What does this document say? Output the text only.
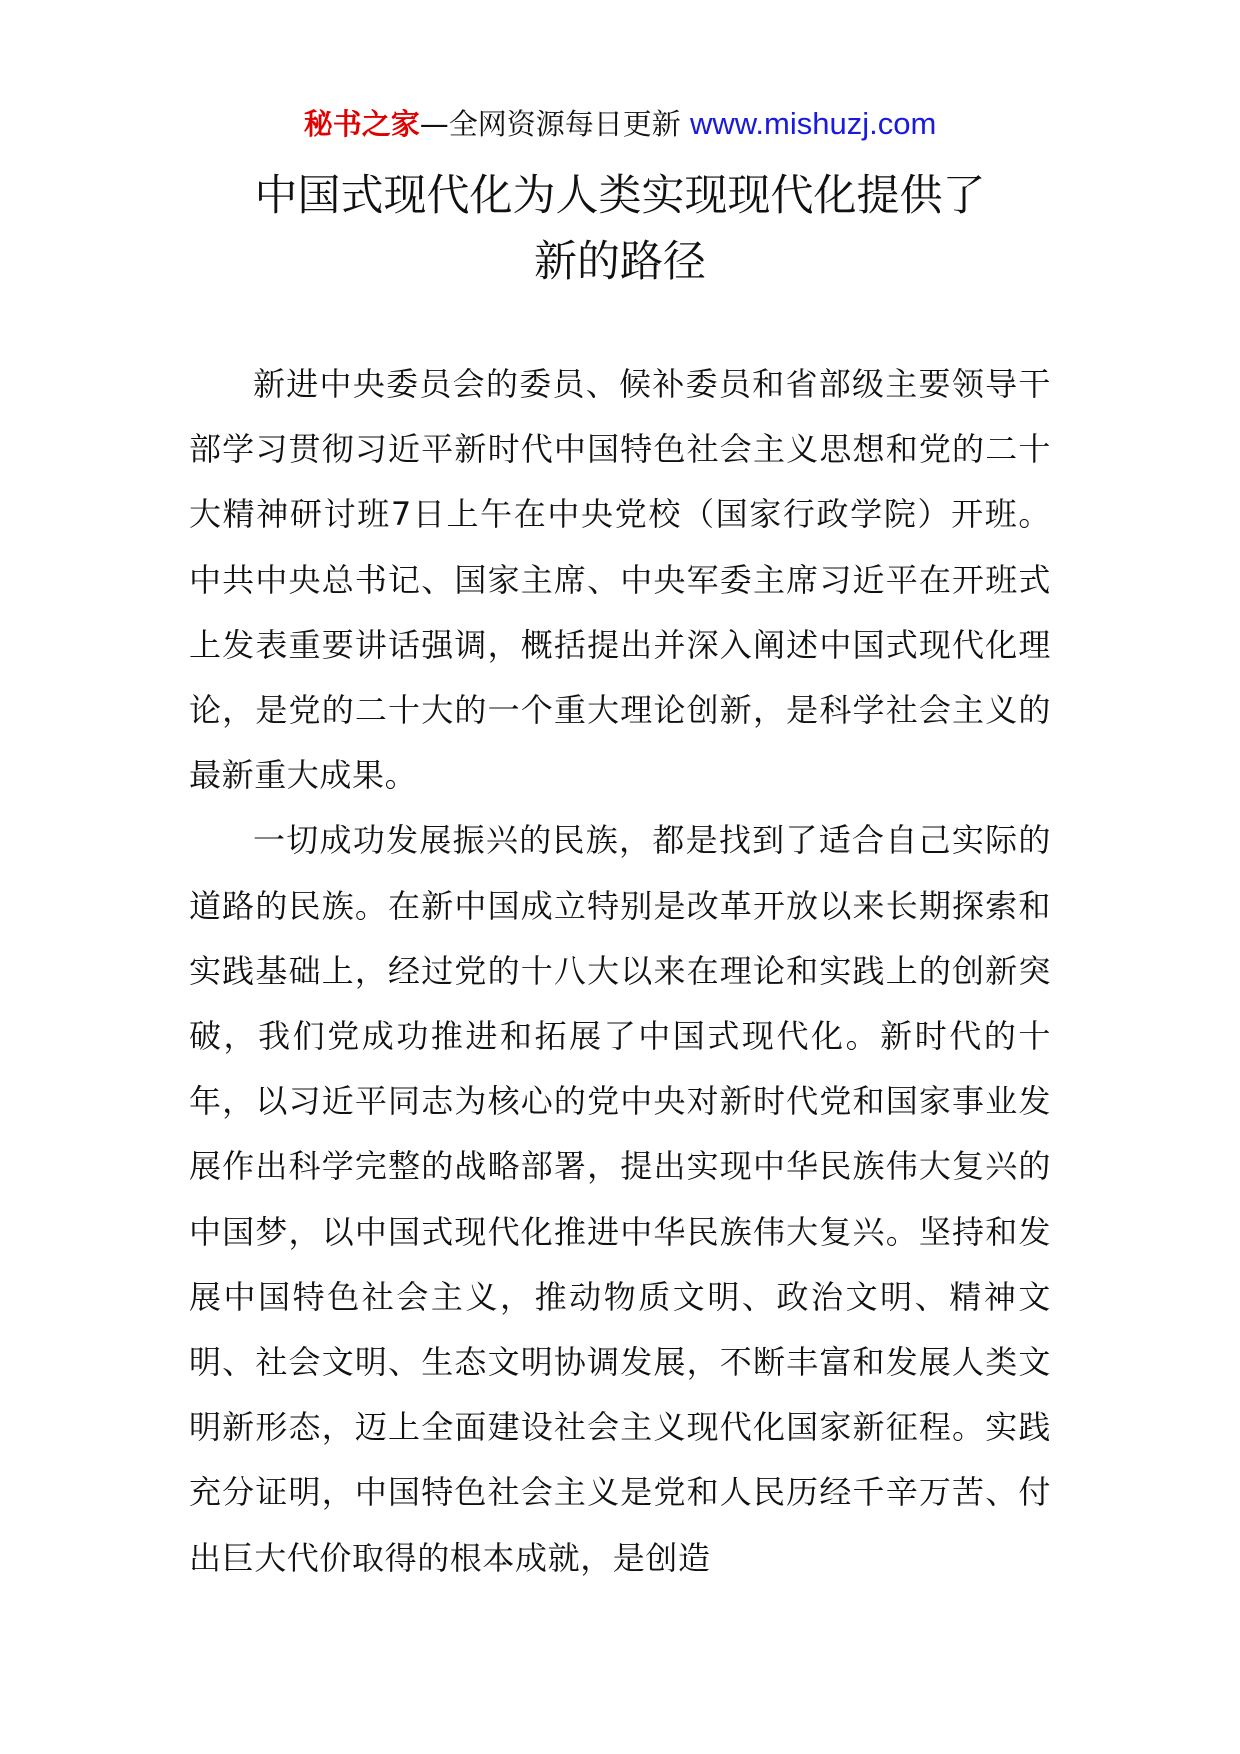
秘书之家—全网资源每日更新 www.mishuzj.com
中国式现代化为人类实现现代化提供了
新的路径

新进中央委员会的委员、候补委员和省部级主要领导干部学习贯彻习近平新时代中国特色社会主义思想和党的二十大精神研讨班7日上午在中央党校（国家行政学院）开班。中共中央总书记、国家主席、中央军委主席习近平在开班式上发表重要讲话强调，概括提出并深入阐述中国式现代化理论，是党的二十大的一个重大理论创新，是科学社会主义的最新重大成果。

一切成功发展振兴的民族，都是找到了适合自己实际的道路的民族。在新中国成立特别是改革开放以来长期探索和实践基础上，经过党的十八大以来在理论和实践上的创新突破，我们党成功推进和拓展了中国式现代化。新时代的十年，以习近平同志为核心的党中央对新时代党和国家事业发展作出科学完整的战略部署，提出实现中华民族伟大复兴的中国梦，以中国式现代化推进中华民族伟大复兴。坚持和发展中国特色社会主义，推动物质文明、政治文明、精神文明、社会文明、生态文明协调发展，不断丰富和发展人类文明新形态，迈上全面建设社会主义现代化国家新征程。实践充分证明，中国特色社会主义是党和人民历经千辛万苦、付出巨大代价取得的根本成就，是创造
